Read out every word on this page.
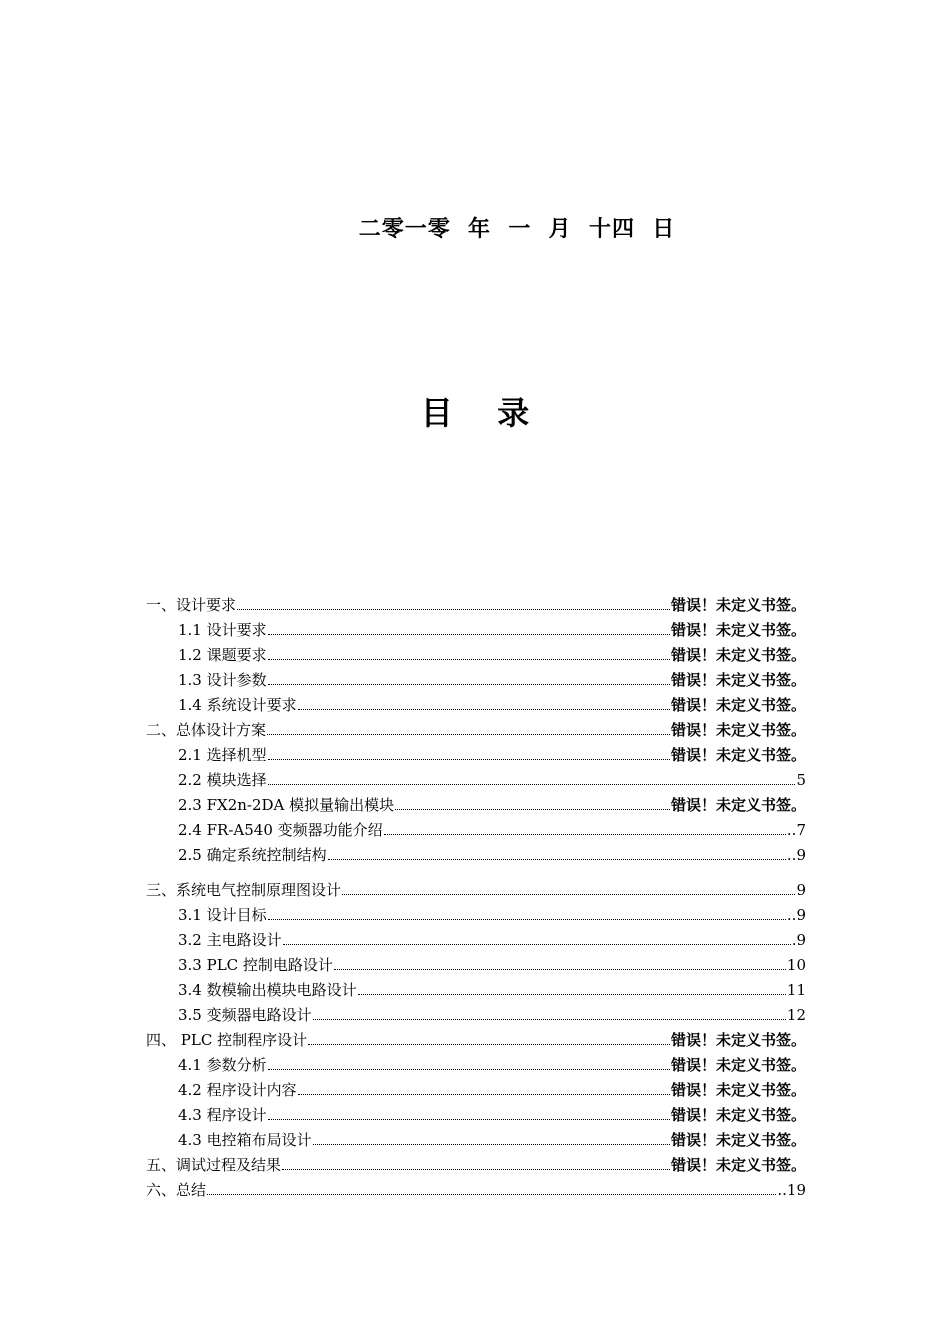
二零一零  年  一  月  十四  日
目    录
一、设计要求	错误！未定义书签。
1.1 设计要求	错误！未定义书签。
1.2 课题要求	错误！未定义书签。
1.3 设计参数	错误！未定义书签。
1.4 系统设计要求	错误！未定义书签。
二、总体设计方案	错误！未定义书签。
2.1 选择机型	错误！未定义书签。
2.2 模块选择	5
2.3 FX2n-2DA 模拟量输出模块	错误！未定义书签。
2.4 FR-A540 变频器功能介绍	..7
2.5 确定系统控制结构	..9
三、系统电气控制原理图设计	9
3.1 设计目标	..9
3.2 主电路设计	.9
3.3 PLC 控制电路设计	10
3.4 数模输出模块电路设计	11
3.5 变频器电路设计	12
四、 PLC 控制程序设计	错误！未定义书签。
4.1 参数分析	错误！未定义书签。
4.2 程序设计内容	错误！未定义书签。
4.3 程序设计	错误！未定义书签。
4.3 电控箱布局设计	错误！未定义书签。
五、调试过程及结果	错误！未定义书签。
六、总结	..19
